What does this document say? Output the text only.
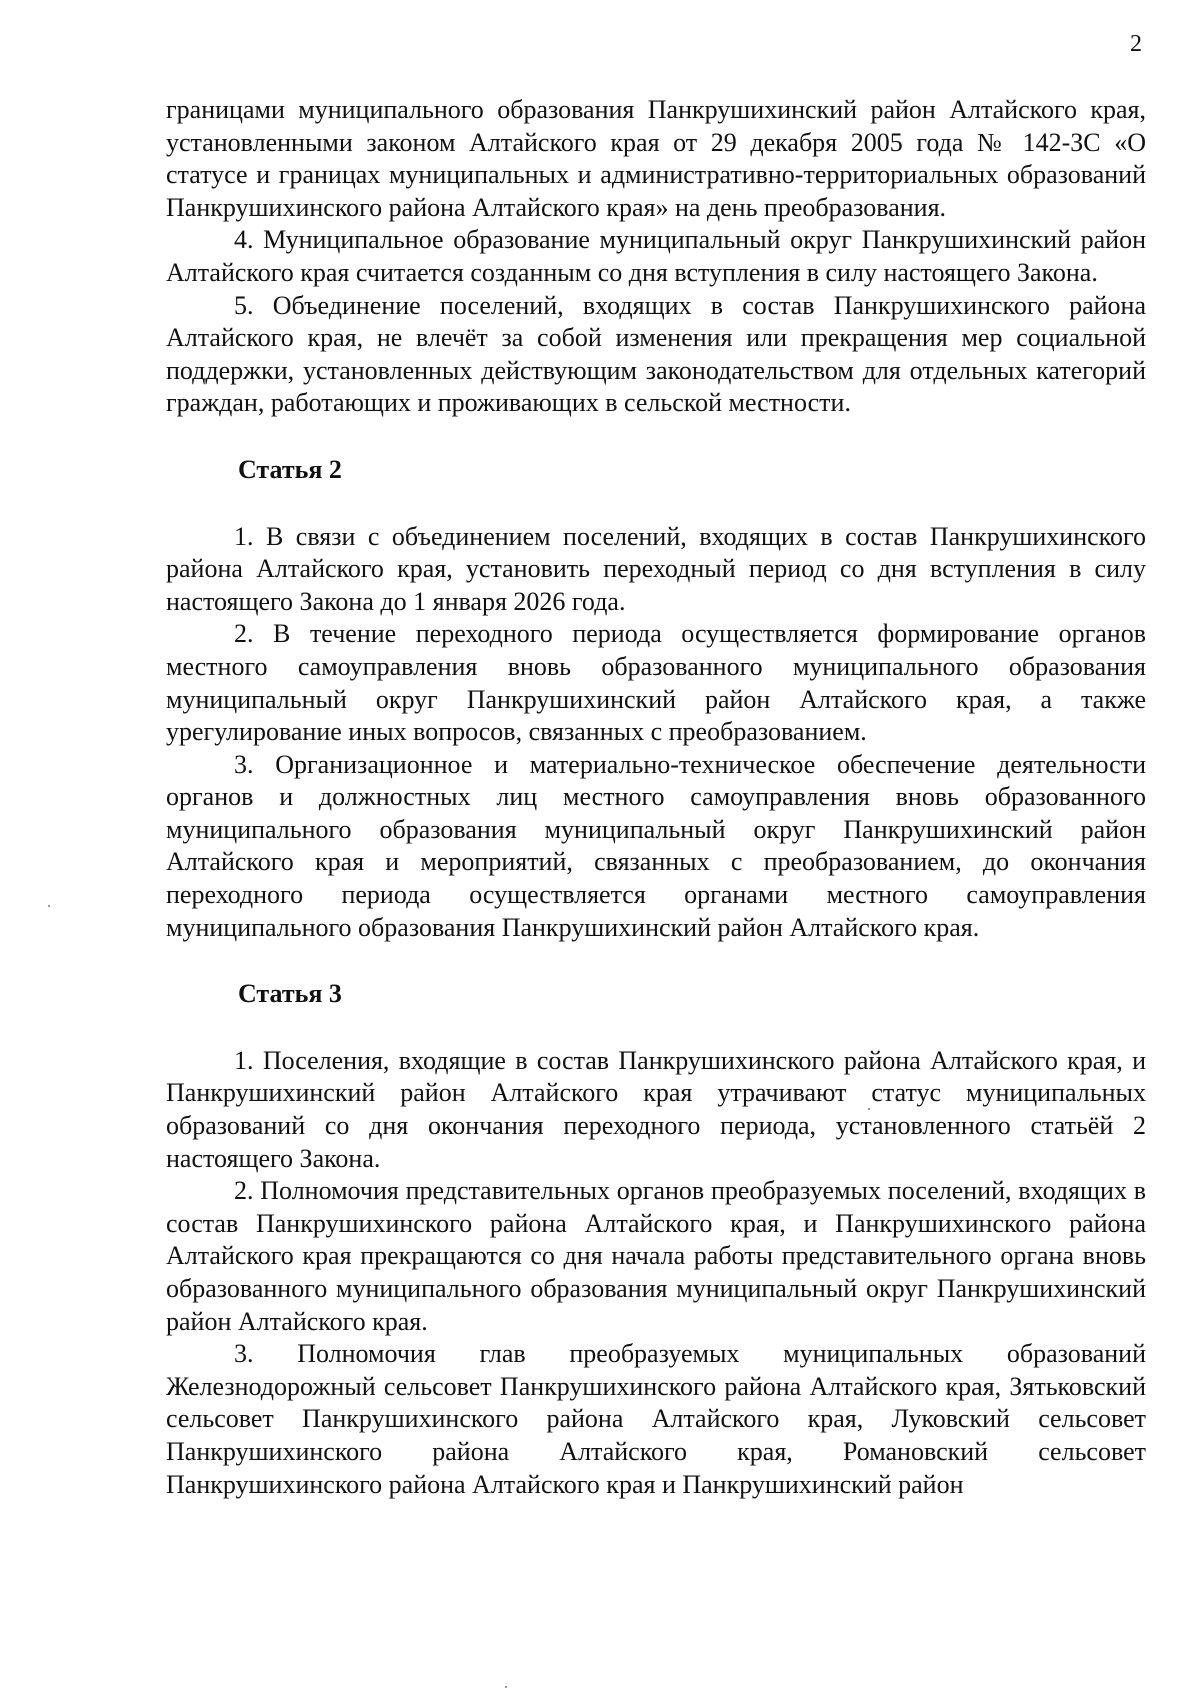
2

границами муниципального образования Панкрушихинский район Алтайского края, установленными законом Алтайского края от 29 декабря 2005 года № 142-ЗС «О статусе и границах муниципальных и административно-территориальных образований Панкрушихинского района Алтайского края» на день преобразования.

4. Муниципальное образование муниципальный округ Панкрушихинский район Алтайского края считается созданным со дня вступления в силу настоящего Закона.

5. Объединение поселений, входящих в состав Панкрушихинского района Алтайского края, не влечёт за собой изменения или прекращения мер социальной поддержки, установленных действующим законодательством для отдельных категорий граждан, работающих и проживающих в сельской местности.

Статья 2

1. В связи с объединением поселений, входящих в состав Панкрушихинского района Алтайского края, установить переходный период со дня вступления в силу настоящего Закона до 1 января 2026 года.

2. В течение переходного периода осуществляется формирование органов местного самоуправления вновь образованного муниципального образования муниципальный округ Панкрушихинский район Алтайского края, а также урегулирование иных вопросов, связанных с преобразованием.

3. Организационное и материально-техническое обеспечение деятельности органов и должностных лиц местного самоуправления вновь образованного муниципального образования муниципальный округ Панкрушихинский район Алтайского края и мероприятий, связанных с преобразованием, до окончания переходного периода осуществляется органами местного самоуправления муниципального образования Панкрушихинский район Алтайского края.

Статья 3

1. Поселения, входящие в состав Панкрушихинского района Алтайского края, и Панкрушихинский район Алтайского края утрачивают статус муниципальных образований со дня окончания переходного периода, установленного статьёй 2 настоящего Закона.

2. Полномочия представительных органов преобразуемых поселений, входящих в состав Панкрушихинского района Алтайского края, и Панкрушихинского района Алтайского края прекращаются со дня начала работы представительного органа вновь образованного муниципального образования муниципальный округ Панкрушихинский район Алтайского края.

3. Полномочия глав преобразуемых муниципальных образований Железнодорожный сельсовет Панкрушихинского района Алтайского края, Зятьковский сельсовет Панкрушихинского района Алтайского края, Луковский сельсовет Панкрушихинского района Алтайского края, Романовский сельсовет Панкрушихинского района Алтайского края и Панкрушихинский район
